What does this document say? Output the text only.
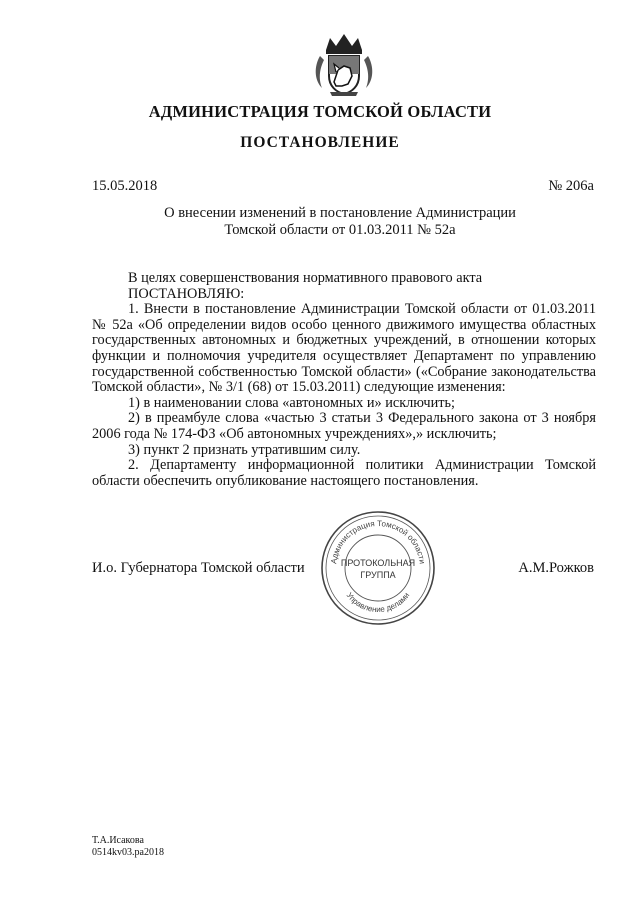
АДМИНИСТРАЦИЯ ТОМСКОЙ ОБЛАСТИ
ПОСТАНОВЛЕНИЕ
15.05.2018	№ 206а
О внесении изменений в постановление Администрации
Томской области от 01.03.2011 № 52а

В целях совершенствования нормативного правового акта

ПОСТАНОВЛЯЮ:

1. Внести в постановление Администрации Томской области от 01.03.2011 № 52а «Об определении видов особо ценного движимого имущества областных государственных автономных и бюджетных учреждений, в отношении которых функции и полномочия учредителя осуществляет Департамент по управлению государственной собственностью Томской области» («Собрание законодательства Томской области», № 3/1 (68) от 15.03.2011) следующие изменения:

1) в наименовании слова «автономных и» исключить;

2) в преамбуле слова «частью 3 статьи 3 Федерального закона от 3 ноября 2006 года № 174-ФЗ «Об автономных учреждениях»,» исключить;

3) пункт 2 признать утратившим силу.

2. Департаменту информационной политики Администрации Томской области обеспечить опубликование настоящего постановления.

И.о. Губернатора Томской области	А.М.Рожков
Администрация Томской области
Управление делами
ПРОТОКОЛЬНАЯ
ГРУППА
Т.А.Исакова
0514kv03.ра2018
